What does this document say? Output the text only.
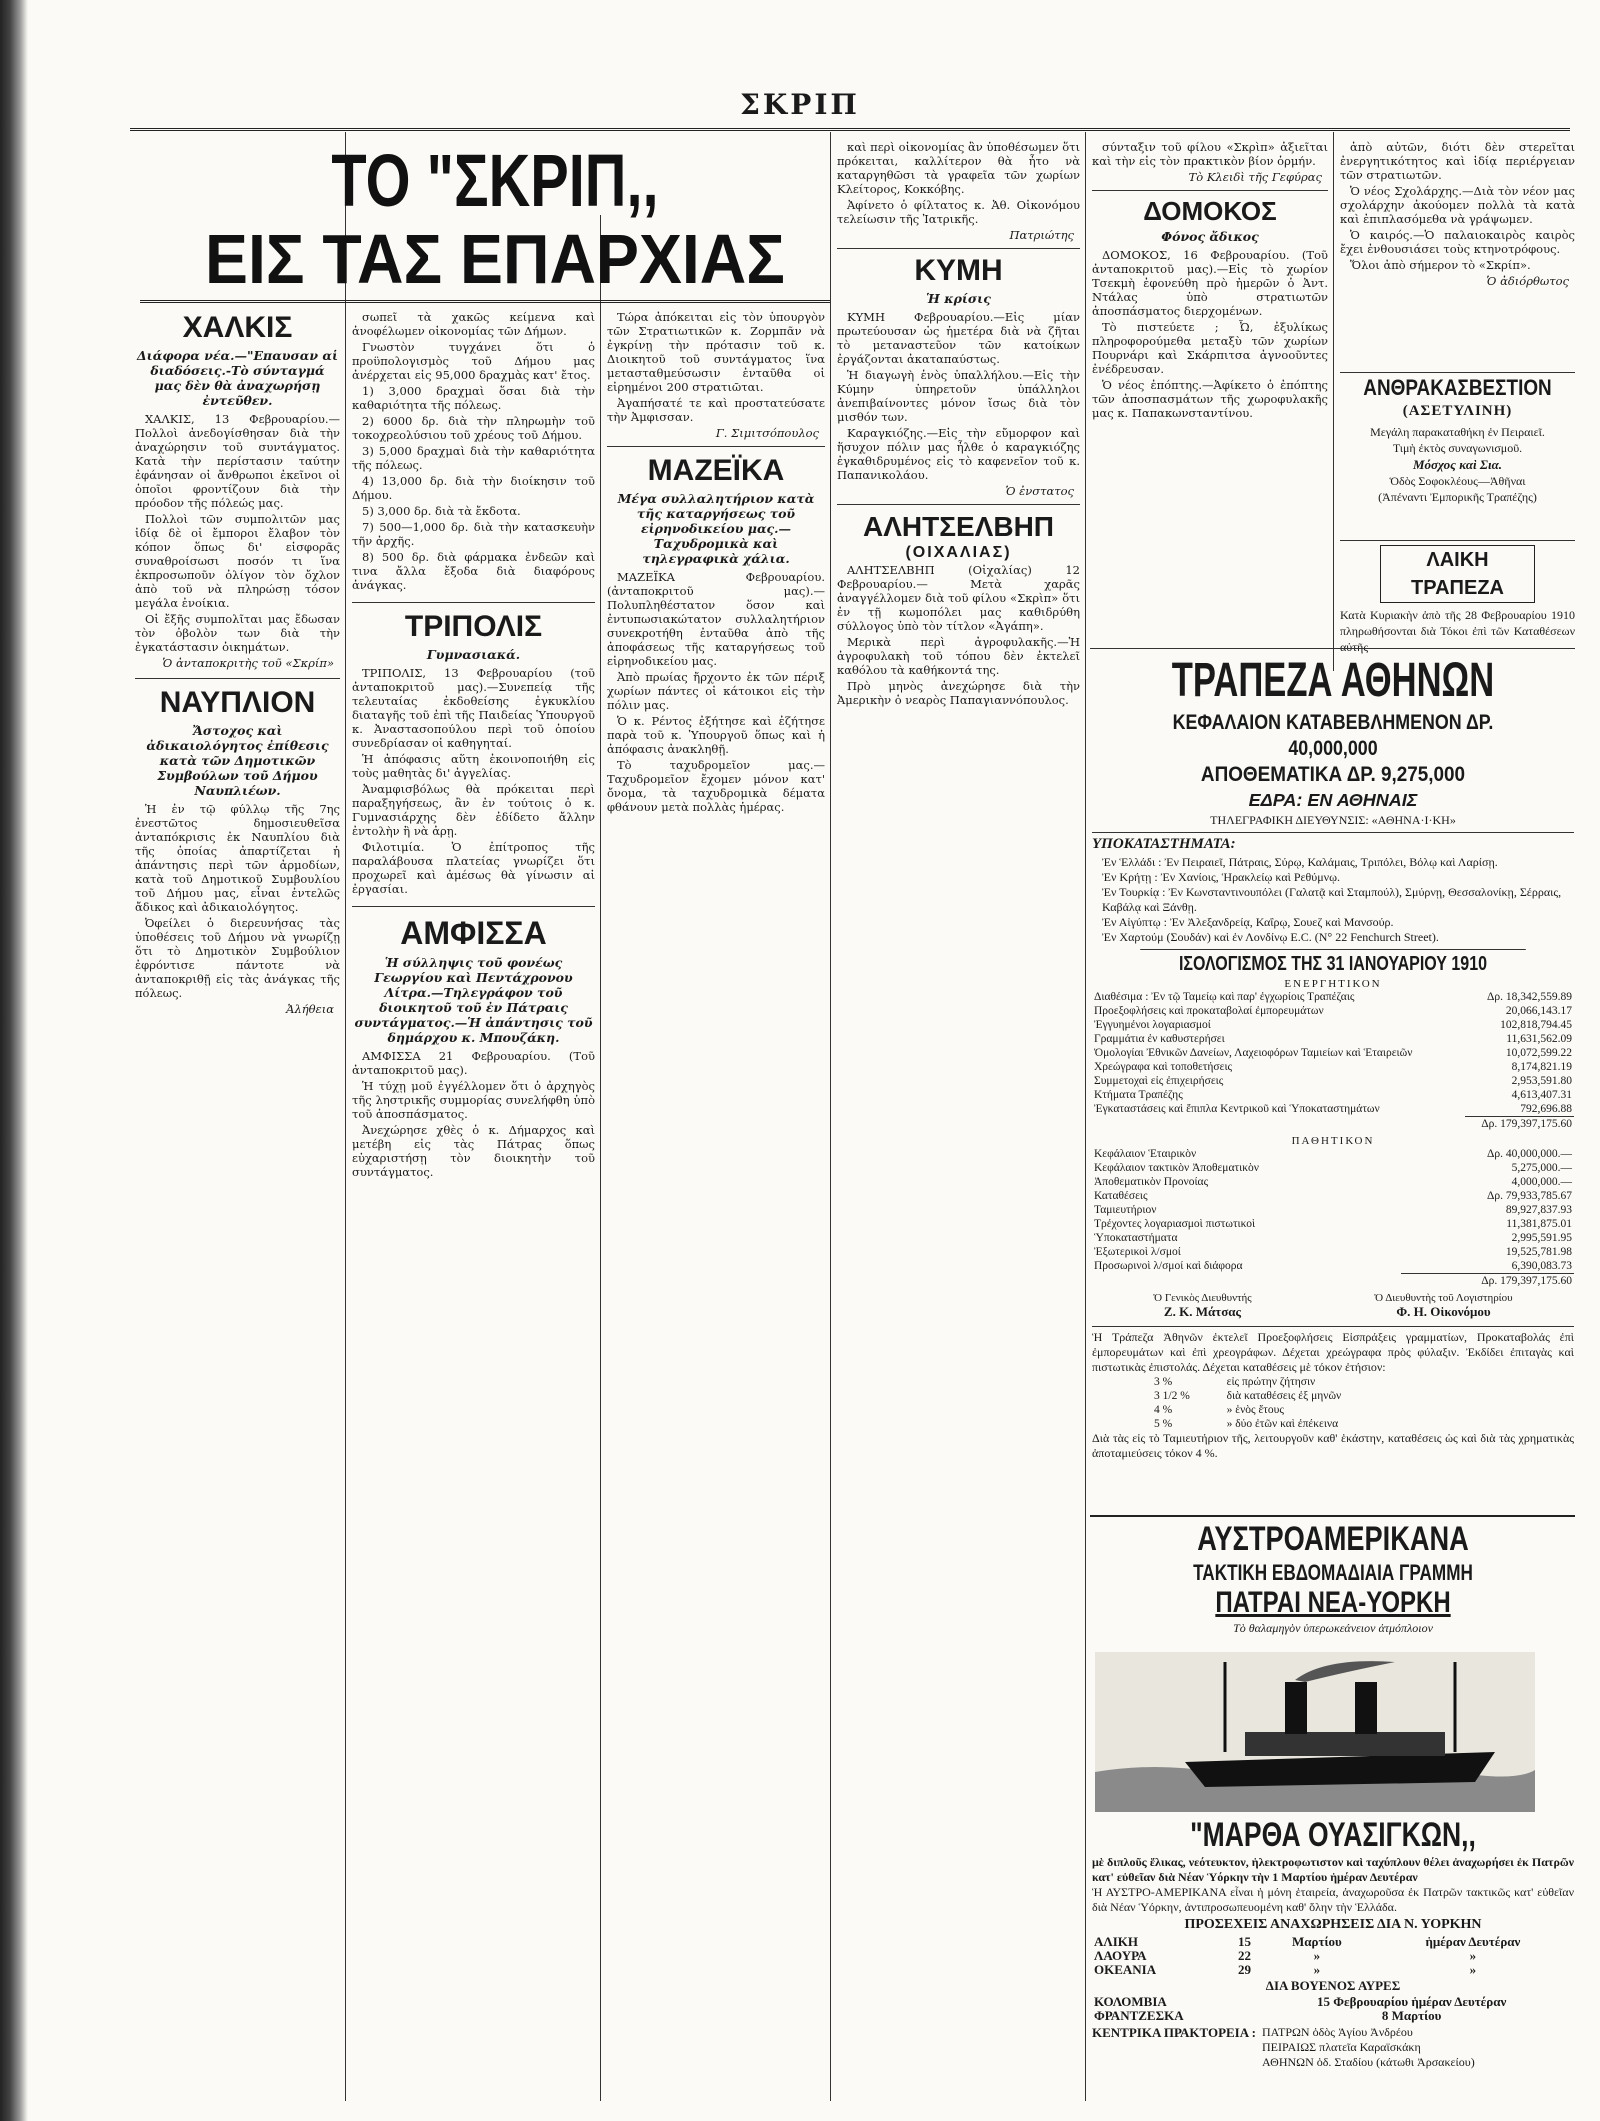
ΣΚΡΙΠ
ΤΟ "ΣΚΡΙΠ,,
ΕΙΣ ΤΑΣ ΕΠΑΡΧΙΑΣ
ΧΑΛΚΙΣ
Διάφορα νέα.—"Επαυσαν αἱ διαδόσεις.-Τὸ σύνταγμά μας δὲν θὰ ἀναχωρήσῃ ἐντεῦθεν.

ΧΑΛΚΙΣ, 13 Φεβρουαρίου.—Πολλοὶ ἀνεδογίσθησαν διὰ τὴν ἀναχώρησιν τοῦ συντάγματος. Κατὰ τὴν περίστασιν ταύτην ἐφάνησαν οἱ ἄνθρωποι ἐκεῖνοι οἱ ὁποῖοι φροντίζουν διὰ τὴν πρόοδον τῆς πόλεώς μας.

Πολλοὶ τῶν συμπολιτῶν μας ἰδίᾳ δὲ οἱ ἔμποροι ἔλαβον τὸν κόπον ὅπως δι' εἰσφορᾶς συναθροίσωσι ποσόν τι ἵνα ἐκπροσωποῦν ὀλίγον τὸν ὄχλον ἀπὸ τοῦ νὰ πληρώσῃ τόσον μεγάλα ἐνοίκια.

Οἱ ἔξῆς συμπολῖται μας ἔδωσαν τὸν ὀβολὸν των διὰ τὴν ἐγκατάστασιν ὀικημάτων.

Ὁ ἀνταποκριτὴς τοῦ «Σκρίπ»
ΝΑΥΠΛΙΟΝ
Ἄστοχος καὶ ἀδικαιολόγητος ἐπίθεσις κατὰ τῶν Δημοτικῶν Συμβούλων τοῦ Δήμου Ναυπλιέων.

Ἡ ἐν τῷ φύλλῳ τῆς 7ης ἐνεστῶτος δημοσιευθεῖσα ἀνταπόκρισις ἐκ Ναυπλίου διὰ τῆς ὁποίας ἀπαρτίζεται ἡ ἀπάντησις περὶ τῶν ἀρμοδίων, κατὰ τοῦ Δημοτικοῦ Συμβουλίου τοῦ Δήμου μας, εἶναι ἐντελῶς ἄδικος καὶ ἀδικαιολόγητος.

Ὀφείλει ὁ διερευνήσας τὰς ὑποθέσεις τοῦ Δήμου νὰ γνωρίζῃ ὅτι τὸ Δημοτικὸν Συμβούλιον ἐφρόντισε πάντοτε νὰ ἀνταποκριθῇ εἰς τὰς ἀνάγκας τῆς πόλεως.

Ἀλήθεια

σωπεῖ τὰ χακῶς κείμενα καὶ ἀνοφέλωμεν οἰκονομίας τῶν Δήμων.

Γνωστὸν τυγχάνει ὅτι ὁ προϋπολογισμὸς τοῦ Δήμου μας ἀνέρχεται εἰς 95,000 δραχμὰς κατ' ἔτος.

1) 3,000 δραχμαὶ ὅσαι διὰ τὴν καθαριότητα τῆς πόλεως.

2) 6000 δρ. διὰ τὴν πληρωμὴν τοῦ τοκοχρεολύσιου τοῦ χρέους τοῦ Δήμου.

3) 5,000 δραχμαὶ διὰ τὴν καθαριότητα τῆς πόλεως.

4) 13,000 δρ. διὰ τὴν διοίκησιν τοῦ Δήμου.

5) 3,000 δρ. διὰ τὰ ἔκδοτα.

7) 500—1,000 δρ. διὰ τὴν κατασκευὴν τῆν ἀρχῆς.

8) 500 δρ. διὰ φάρμακα ἐνδεῶν καὶ τινα ἄλλα ἔξοδα διὰ διαφόρους ἀνάγκας.

ΤΡΙΠΟΛΙΣ
Γυμνασιακά.

ΤΡΙΠΟΛΙΣ, 13 Φεβρουαρίου (τοῦ ἀνταποκριτοῦ μας).—Συνεπείᾳ τῆς τελευταίας ἐκδοθείσης ἐγκυκλίου διαταγῆς τοῦ ἐπὶ τῆς Παιδείας Ὑπουργοῦ κ. Ἀναστασοπούλου περὶ τοῦ ὁποίου συνεδρίασαν οἱ καθηγηταί.

Ἡ ἀπόφασις αὕτη ἐκοινοποιήθη εἰς τοὺς μαθητὰς δι' ἀγγελίας.

Ἀναμφισβόλως θὰ πρόκειται περὶ παραξηγήσεως, ἂν ἐν τούτοις ὁ κ. Γυμνασιάρχης δὲν ἐδίδετο ἄλλην ἐντολὴν ἢ νὰ ἀρῃ.

Φιλοτιμία. Ὁ ἐπίτροπος τῆς παραλάβουσα πλατείας γνωρίζει ὅτι προχωρεῖ καὶ ἀμέσως θὰ γίνωσιν αἱ ἐργασίαι.

ΑΜΦΙΣΣΑ
Ἡ σύλληψις τοῦ φονέως Γεωργίου καὶ Πεντάχρονου Λίτρα.—Τηλεγράφον τοῦ διοικητοῦ τοῦ ἐν Πάτραις συντάγματος.—Ἡ ἀπάντησις τοῦ δημάρχου κ. Μπουζάκη.

ΑΜΦΙΣΣΑ 21 Φεβρουαρίου. (Τοῦ ἀνταποκριτοῦ μας).

Ἡ τύχῃ μοῦ ἐγγέλλομεν ὅτι ὁ ἀρχηγὸς τῆς ληστρικῆς συμμορίας συνελήφθη ὑπὸ τοῦ ἀποσπάσματος.

Ἀνεχώρησε χθὲς ὁ κ. Δήμαρχος καὶ μετέβη εἰς τὰς Πάτρας ὅπως εὐχαριστήσῃ τὸν διοικητὴν τοῦ συντάγματος.

Τώρα ἀπόκειται εἰς τὸν ὑπουργὸν τῶν Στρατιωτικῶν κ. Ζορμπᾶν νὰ ἐγκρίνῃ τὴν πρότασιν τοῦ κ. Διοικητοῦ τοῦ συντάγματος ἵνα μετασταθμεύσωσιν ἐνταῦθα οἱ εἰρημένοι 200 στρατιῶται.

Ἀγαπήσατέ τε καὶ προστατεύσατε τὴν Ἀμφισσαν.

Γ. Σιμιτσόπουλος
ΜΑΖΕΪΚΑ
Μέγα συλλαλητήριον κατὰ τῆς καταργήσεως τοῦ εἰρηνοδικείου μας.—Ταχυδρομικὰ καὶ τηλεγραφικὰ χάλια.

ΜΑΖΕΪΚΑ Φεβρουαρίου. (ἀνταποκριτοῦ μας).—Πολυπληθέστατον ὅσον καὶ ἐντυπωσιακώτατον συλλαλητήριον συνεκροτήθη ἐνταῦθα ἀπὸ τῆς ἀποφάσεως τῆς καταργήσεως τοῦ εἰρηνοδικείου μας.

Ἀπὸ πρωίας ἤρχοντο ἐκ τῶν πέριξ χωρίων πάντες οἱ κάτοικοι εἰς τὴν πόλιν μας.

Ὁ κ. Ρέντος ἐξήτησε καὶ ἐζήτησε παρὰ τοῦ κ. Ὑπουργοῦ ὅπως καὶ ἡ ἀπόφασις ἀνακληθῇ.

Τὸ ταχυδρομεῖον μας.—Ταχυδρομεῖον ἔχομεν μόνον κατ' ὄνομα, τὰ ταχυδρομικὰ δέματα φθάνουν μετὰ πολλὰς ἡμέρας.

καὶ περὶ οἰκονομίας ἂν ὑποθέσωμεν ὅτι πρόκειται, καλλίτερον θὰ ἦτο νὰ καταργηθῶσι τὰ γραφεῖα τῶν χωρίων Κλείτορος, Κοκκόβης.

Ἀφίνετο ὁ φίλτατος κ. Ἀθ. Οἰκονόμου τελείωσιν τῆς Ἰατρικῆς.

Πατριώτης
ΚΥΜΗ
Ἡ κρίσις

ΚΥΜΗ Φεβρουαρίου.—Εἰς μίαν πρωτεύουσαν ὡς ἡμετέρα διὰ νὰ ζῆται τὸ μεταναστεῦον τῶν κατοίκων ἐργάζονται ἀκαταπαύστως.

Ἡ διαγωγὴ ἑνὸς ὑπαλλήλου.—Εἰς τὴν Κύμην ὑπηρετοῦν ὑπάλληλοι ἀνεπιβαίνοντες μόνον ἴσως διὰ τὸν μισθόν των.

Καραγκιόζης.—Εἰς τὴν εὔμορφον καὶ ἥσυχον πόλιν μας ἦλθε ὁ καραγκιόζης ἐγκαθιδρυμένος εἰς τὸ καφενεῖον τοῦ κ. Παπανικολάου.

Ὁ ἐνστατος
ΑΛΗΤΣΕΛΒΗΠ
(ΟΙΧΑΛΙΑΣ)

ΑΛΗΤΣΕΛΒΗΠ (Οἰχαλίας) 12 Φεβρουαρίου.— Μετὰ χαρᾶς ἀναγγέλλομεν διὰ τοῦ φίλου «Σκρὶπ» ὅτι ἐν τῇ κωμοπόλει μας καθιδρύθη σύλλογος ὑπὸ τὸν τίτλον «Ἀγάπη».

Μερικὰ περὶ ἀγροφυλακῆς.—Ἡ ἀγροφυλακὴ τοῦ τόπου δὲν ἐκτελεῖ καθόλου τὰ καθήκοντά της.

Πρὸ μηνὸς ἀνεχώρησε διὰ τὴν Ἀμερικὴν ὁ νεαρὸς Παπαγιαννόπουλος.

σύνταξιν τοῦ φίλου «Σκρὶπ» ἀξιεῖται καὶ τὴν εἰς τὸν πρακτικὸν βίον ὁρμήν.

Τὸ Κλειδὶ τῆς Γεφύρας
ΔΟΜΟΚΟΣ
Φόνος ἄδικος

ΔΟΜΟΚΟΣ, 16 Φεβρουαρίου. (Τοῦ ἀνταποκριτοῦ μας).—Εἰς τὸ χωρίον Τσεκμὴ ἐφονεύθη πρὸ ἡμερῶν ὁ Ἀντ. Ντάλας ὑπὸ στρατιωτῶν ἀποσπάσματος διερχομένων.

Τὸ πιστεύετε ; Ὦ, ἐξυλίκως πληροφορούμεθα μεταξὺ τῶν χωρίων Πουρνάρι καὶ Σκάρπιτσα ἀγνοοῦντες ἐνέδρευσαν.

Ὁ νέος ἐπόπτης.—Ἀφίκετο ὁ ἐπόπτης τῶν ἀποσπασμάτων τῆς χωροφυλακῆς μας κ. Παπακωνσταντίνου.

ἀπὸ αὐτῶν, διότι δὲν στερεῖται ἐνεργητικότητος καὶ ἰδίᾳ περιέργειαν τῶν στρατιωτῶν.

Ὁ νέος Σχολάρχης.—Διὰ τὸν νέον μας σχολάρχην ἀκούομεν πολλὰ τὰ κατὰ καὶ ἐπιπλασόμεθα νὰ γράψωμεν.

Ὁ καιρός.—Ὁ παλαιοκαιρὸς καιρὸς ἔχει ἐνθουσιάσει τοὺς κτηνοτρόφους.

Ὅλοι ἀπὸ σήμερον τὸ «Σκρίπ».

Ὁ ἀδιόρθωτος
ΑΝΘΡΑΚΑΣΒΕΣΤΙΟΝ
(ΑΣΕΤΥΛΙΝΗ)
Μεγάλη παρακαταθήκη ἐν Πειραιεῖ.
Τιμὴ ἐκτὸς συναγωνισμοῦ.
Μόσχος καὶ Σια.
Ὁδὸς Σοφοκλέους—Ἀθῆναι
(Ἀπέναντι Ἐμπορικῆς Τραπέζης)
ΛΑΙΚΗ ΤΡΑΠΕΖΑ
Κατὰ Κυριακὴν ἀπὸ τῆς 28 Φεβρουαρίου 1910 πληρωθήσονται διὰ Τόκοι ἐπὶ τῶν Καταθέσεων αὐτῆς
ΤΡΑΠΕΖΑ ΑΘΗΝΩΝ
ΚΕΦΑΛΑΙΟΝ ΚΑΤΑΒΕΒΛΗΜΕΝΟΝ ΔΡ. 40,000,000
ΑΠΟΘΕΜΑΤΙΚΑ ΔΡ. 9,275,000
ΕΔΡΑ: ΕΝ ΑΘΗΝΑΙΣ
ΤΗΛΕΓΡΑΦΙΚΗ ΔΙΕΥΘΥΝΣΙΣ: «ΑΘΗΝΑ·Ι·ΚΗ»
ΥΠΟΚΑΤΑΣΤΗΜΑΤΑ:
Ἐν Ἑλλάδι : Ἐν Πειραιεῖ, Πάτραις, Σύρῳ, Καλάμαις, Τριπόλει, Βόλῳ καὶ Λαρίσῃ.
Ἐν Κρήτῃ : Ἐν Χανίοις, Ἡρακλείῳ καὶ Ρεθύμνῳ.
Ἐν Τουρκίᾳ : Ἐν Κωνσταντινουπόλει (Γαλατᾷ καὶ Σταμπούλ), Σμύρνῃ, Θεσσαλονίκῃ, Σέρραις, Καβάλᾳ καὶ Ξάνθῃ.
Ἐν Αἰγύπτῳ : Ἐν Ἀλεξανδρείᾳ, Καΐρῳ, Σουεζ καὶ Μανσούρ.
Ἐν Χαρτούμ (Σουδάν) καὶ ἐν Λονδίνῳ E.C. (Ν° 22 Fenchurch Street).
ΙΣΟΛΟΓΙΣΜΟΣ ΤΗΣ 31 ΙΑΝΟΥΑΡΙΟΥ 1910
ΕΝΕΡΓΗΤΙΚΟΝ
Διαθέσιμα : Ἐν τῷ Ταμείῳ καὶ παρ' ἐγχωρίοις Τραπέζαις	Δρ. 18,342,559.89
Προεξοφλήσεις καὶ προκαταβολαί ἐμπορευμάτων	20,066,143.17
Ἐγγυημένοι λογαριασμοί	102,818,794.45
Γραμμάτια ἐν καθυστερήσει	11,631,562.09
Ὁμολογίαι Ἐθνικῶν Δανείων, Λαχειοφόρων Ταμιείων καὶ Ἑταιρειῶν	10,072,599.22
Χρεώγραφα καὶ τοποθετήσεις	8,174,821.19
Συμμετοχαὶ εἰς ἐπιχειρήσεις	2,953,591.80
Κτήματα Τραπέζης	4,613,407.31
Ἐγκαταστάσεις καὶ ἔπιπλα Κεντρικοῦ καὶ Ὑποκαταστημάτων	792,696.88
	Δρ. 179,397,175.60
ΠΑΘΗΤΙΚΟΝ
Κεφάλαιον Ἑταιρικὸν	Δρ. 40,000,000.—
Κεφάλαιον τακτικὸν Ἀποθεματικὸν	5,275,000.—
Ἀποθεματικὸν Προνοίας	4,000,000.—
Καταθέσεις	Δρ. 79,933,785.67
Ταμιευτήριον	89,927,837.93
Τρέχοντες λογαριασμοὶ πιστωτικοὶ	11,381,875.01
Ὑποκαταστήματα	2,995,591.95
Ἐξωτερικοὶ λ/σμοί	19,525,781.98
Προσωρινοὶ λ/σμοί καὶ διάφορα	6,390,083.73
	Δρ. 179,397,175.60
Ὁ Γενικὸς Διευθυντής
Ζ. Κ. Μάτσας
Ὁ Διευθυντὴς τοῦ Λογιστηρίου
Φ. Η. Οἰκονόμου
Ἡ Τράπεζα Ἀθηνῶν ἐκτελεῖ Προεξοφλήσεις Εἰσπράξεις γραμματίων, Προκαταβολάς ἐπὶ ἐμπορευμάτων καὶ ἐπὶ χρεογράφων. Δέχεται χρεώγραφα πρὸς φύλαξιν. Ἐκδίδει ἐπιταγὰς καὶ πιστωτικὰς ἐπιστολάς. Δέχεται καταθέσεις μὲ τόκον ἐτήσιον:
3 %	εἰς πρώτην ζήτησιν
3 1/2 %	διὰ καταθέσεις ἐξ μηνῶν
4 %	» ἑνὸς ἔτους
5 %	» δύο ἐτῶν καὶ ἐπέκεινα
Διὰ τὰς εἰς τὸ Ταμιευτήριον τῆς, λειτουργοῦν καθ' ἑκάστην, καταθέσεις ὡς καὶ διὰ τὰς χρηματικὰς ἀποταμιεύσεις τόκον 4 %.
ΑΥΣΤΡΟΑΜΕΡΙΚΑΝΑ
ΤΑΚΤΙΚΗ ΕΒΔΟΜΑΔΙΑΙΑ ΓΡΑΜΜΗ
ΠΑΤΡΑΙ ΝΕΑ-ΥΟΡΚΗ
Τὸ θαλαμηγὸν ὑπερωκεάνειον ἀτμόπλοιον
"ΜΑΡΘΑ ΟΥΑΣΙΓΚΩΝ,,
μὲ διπλοῦς ἕλικας, νεότευκτον, ἠλεκτροφωτιστον καὶ ταχύπλουν θέλει ἀναχωρήσει ἐκ Πατρῶν κατ' εὐθεῖαν διὰ Νέαν Ὑόρκην τὴν 1 Μαρτίου ἡμέραν Δευτέραν
Ἡ ΑΥΣΤΡΟ-ΑΜΕΡΙΚΑΝΑ εἶναι ἡ μόνη ἑταιρεία, ἀναχωροῦσα ἐκ Πατρῶν τακτικῶς κατ' εὐθεῖαν διὰ Νέαν Ὑόρκην, ἀντιπροσωπευομένη καθ' ὅλην τὴν Ἑλλάδα.
ΠΡΟΣΕΧΕΙΣ ΑΝΑΧΩΡΗΣΕΙΣ ΔΙΑ Ν. ΥΟΡΚΗΝ
ΑΛΙΚΗ	15	Μαρτίου	ἡμέραν Δευτέραν
ΛΑΟΥΡΑ	22	»	»
ΟΚΕΑΝΙΑ	29	»	»
ΔΙΑ ΒΟΥΕΝΟΣ ΑΥΡΕΣ
ΚΟΛΟΜΒΙΑ	15 Φεβρουαρίου ἡμέραν Δευτέραν
ΦΡΑΝΤΖΕΣΚΑ	8 Μαρτίου
ΚΕΝΤΡΙΚΑ ΠΡΑΚΤΟΡΕΙΑ : ΠΑΤΡΩΝ ὁδὸς Ἁγίου Ἀνδρέου
ΠΕΙΡΑΙΩΣ πλατεῖα Καραϊσκάκη
ΑΘΗΝΩΝ ὁδ. Σταδίου (κάτωθι Ἀρσακείου)
